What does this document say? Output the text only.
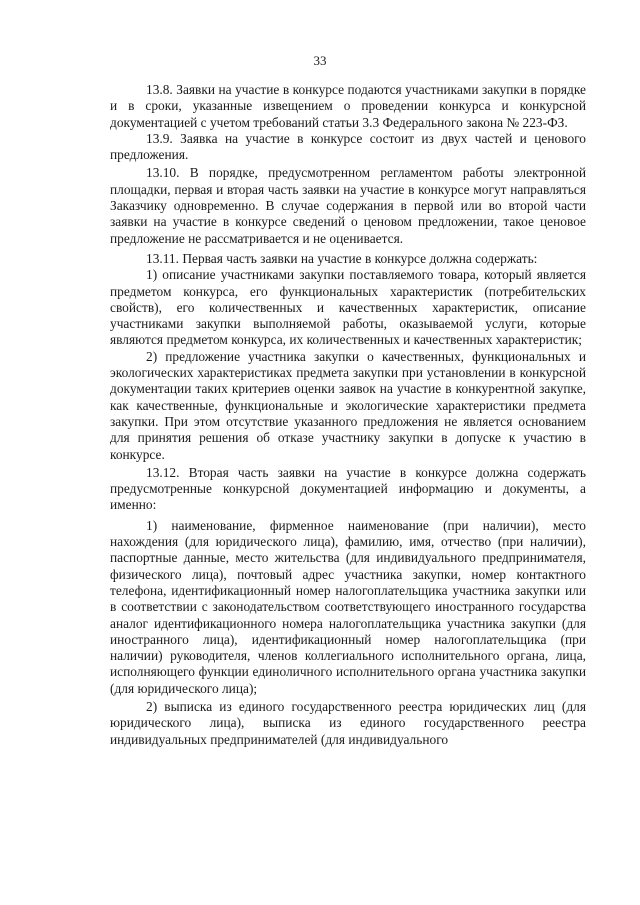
33

13.8. Заявки на участие в конкурсе подаются участниками закупки в порядке и в сроки, указанные извещением о проведении конкурса и конкурсной документацией с учетом требований статьи 3.3 Федерального закона № 223-ФЗ.

13.9. Заявка на участие в конкурсе состоит из двух частей и ценового предложения.

13.10. В порядке, предусмотренном регламентом работы электронной площадки, первая и вторая часть заявки на участие в конкурсе могут направляться Заказчику одновременно. В случае содержания в первой или во второй части заявки на участие в конкурсе сведений о ценовом предложении, такое ценовое предложение не рассматривается и не оценивается.

13.11. Первая часть заявки на участие в конкурсе должна содержать:

1) описание участниками закупки поставляемого товара, который является предметом конкурса, его функциональных характеристик (потребительских свойств), его количественных и качественных характеристик, описание участниками закупки выполняемой работы, оказываемой услуги, которые являются предметом конкурса, их количественных и качественных характеристик;

2) предложение участника закупки о качественных, функциональных и экологических характеристиках предмета закупки при установлении в конкурсной документации таких критериев оценки заявок на участие в конкурентной закупке, как качественные, функциональные и экологические характеристики предмета закупки. При этом отсутствие указанного предложения не является основанием для принятия решения об отказе участнику закупки в допуске к участию в конкурсе.

13.12. Вторая часть заявки на участие в конкурсе должна содержать предусмотренные конкурсной документацией информацию и документы, а именно:

1) наименование, фирменное наименование (при наличии), место нахождения (для юридического лица), фамилию, имя, отчество (при наличии), паспортные данные, место жительства (для индивидуального предпринимателя, физического лица), почтовый адрес участника закупки, номер контактного телефона, идентификационный номер налогоплательщика участника закупки или в соответствии с законодательством соответствующего иностранного государства аналог идентификационного номера налогоплательщика участника закупки (для иностранного лица), идентификационный номер налогоплательщика (при наличии) руководителя, членов коллегиального исполнительного органа, лица, исполняющего функции единоличного исполнительного органа участника закупки (для юридического лица);

2) выписка из единого государственного реестра юридических лиц (для юридического лица), выписка из единого государственного реестра индивидуальных предпринимателей (для индивидуального
